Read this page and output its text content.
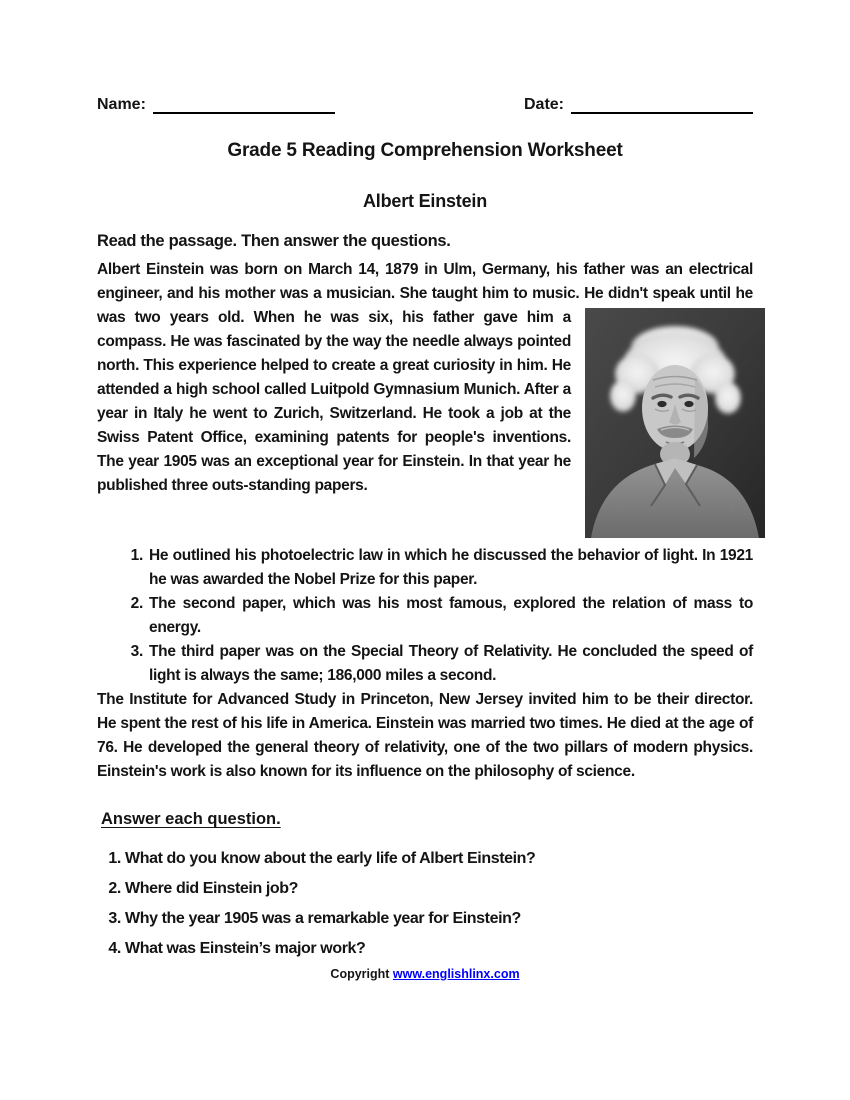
Name:	Date:
Grade 5 Reading Comprehension Worksheet
Albert Einstein

Read the passage. Then answer the questions.

Albert Einstein was born on March 14, 1879 in Ulm, Germany, his father was an electrical engineer, and his mother was a musician. She taught him to music. He didn't speak until he was two years old. When he was six, his father gave him a compass. He was fascinated by the way the needle always pointed north. This experience helped to create a great curiosity in him. He attended a high school called Luitpold Gymnasium Munich. After a year in Italy he went to Zurich, Switzerland. He took a job at the Swiss Patent Office, examining patents for people's inventions. The year 1905 was an exceptional year for Einstein. In that year he published three outs-standing papers.

1. He outlined his photoelectric law in which he discussed the behavior of light. In 1921 he was awarded the Nobel Prize for this paper.
2. The second paper, which was his most famous, explored the relation of mass to energy.
3. The third paper was on the Special Theory of Relativity. He concluded the speed of light is always the same; 186,000 miles a second.

The Institute for Advanced Study in Princeton, New Jersey invited him to be their director. He spent the rest of his life in America. Einstein was married two times. He died at the age of 76. He developed the general theory of relativity, one of the two pillars of modern physics. Einstein's work is also known for its influence on the philosophy of science.

Answer each question.

1. What do you know about the early life of Albert Einstein?
2. Where did Einstein job?
3. Why the year 1905 was a remarkable year for Einstein?
4. What was Einstein’s major work?
Copyright www.englishlinx.com
